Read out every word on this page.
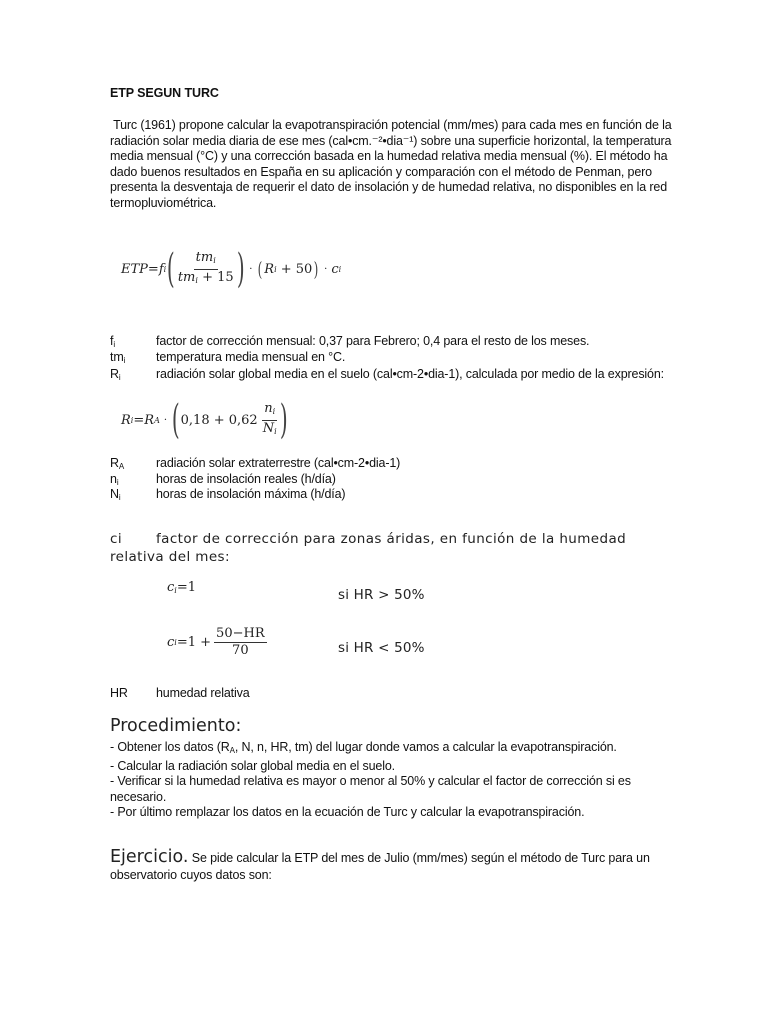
ETP SEGUN TURC
Turc (1961) propone calcular la evapotranspiración potencial (mm/mes) para cada mes en función de la
radiación solar media diaria de ese mes (cal•cm.⁻²•dia⁻¹) sobre una superficie horizontal, la temperatura
media mensual (°C) y una corrección basada en la humedad relativa media mensual (%). El método ha
dado buenos resultados en España en su aplicación y comparación con el método de Penman, pero
presenta la desventaja de requerir el dato de insolación y de humedad relativa, no disponibles en la red
termopluviométrica.
ETP = f i ( $\frac{tm_i}{tm_i + 15}$ ) · ( R i
+ 50 ) · c i
$f_i$	factor de corrección mensual: 0,37 para Febrero; 0,4 para el resto de los meses.
$tm_i$ temperatura media mensual en °C.
$R_i$	radiación solar global media en el suelo (cal•cm-2•dia-1), calculada por medio de la expresión:
R i = R A · ( $0,18 + 0,62 \frac{n_i}{N_i}$ )
$R_A$	radiación solar extraterrestre (cal•cm-2•dia-1)
$n_i$	horas de insolación reales (h/día)
$N_i$	horas de insolación máxima (h/día)
ci	factor de corrección para zonas áridas, en función de la humedad
relativa del mes:
$c_i=1$	si HR > 50%
c $i =1 + \frac{50-HR}{70}$	si HR < 50%
HR humedad relativa
Procedimiento:
- Obtener los datos ($R_A$, N, n, HR, tm) del lugar donde vamos a calcular la evapotranspiración.
- Calcular la radiación solar global media en el suelo.
- Verificar si la humedad relativa es mayor o menor al 50% y calcular el factor de corrección si es
necesario.
- Por último remplazar los datos en la ecuación de Turc y calcular la evapotranspiración.
Ejercicio. Se pide calcular la ETP del mes de Julio (mm/mes) según el método de Turc para un
observatorio cuyos datos son:
